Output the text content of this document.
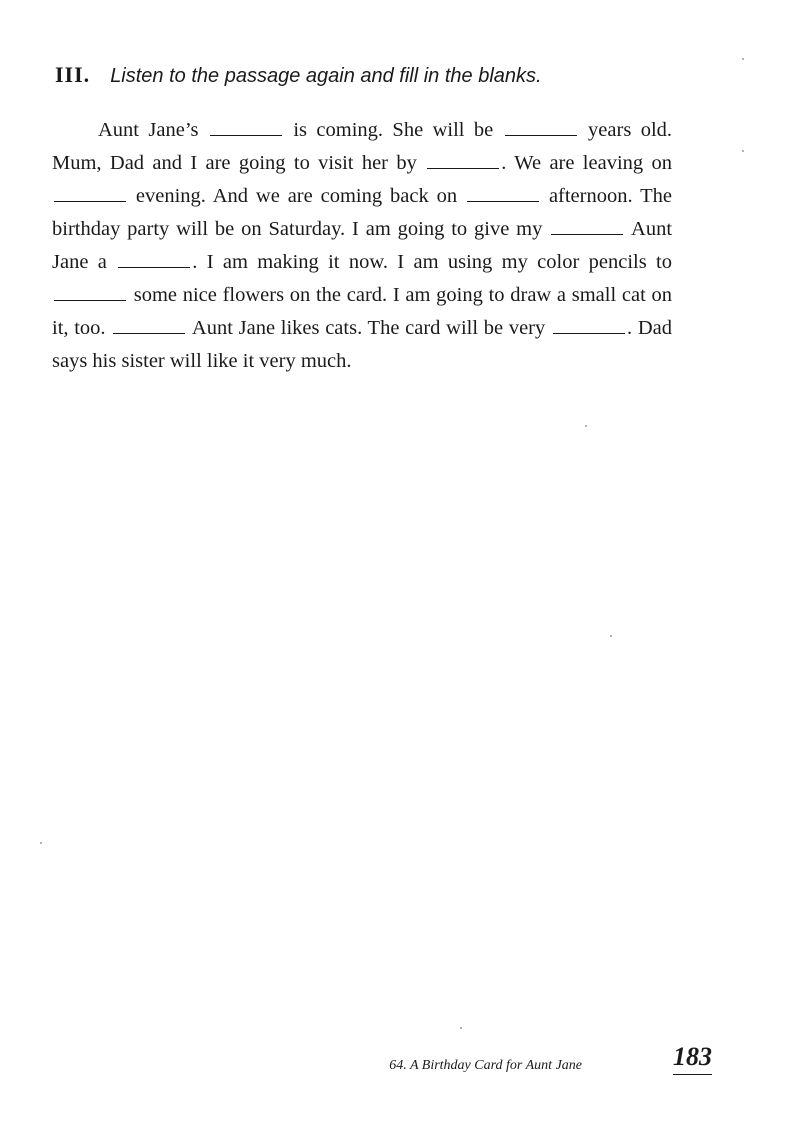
III. Listen to the passage again and fill in the blanks.

Aunt Jane’s	is coming. She will be	years old. Mum, Dad and I are going to visit her by	. We are leaving on  evening. And we are coming back on	afternoon. The birthday party will be on Saturday. I am going to give my	Aunt Jane a	. I am making it now. I am using my color pencils to  some nice flowers on the card. I am going to draw a small cat on it, too.	Aunt Jane likes cats. The card will be very	. Dad says his sister will like it very much.

64. A Birthday Card for Aunt Jane	183
